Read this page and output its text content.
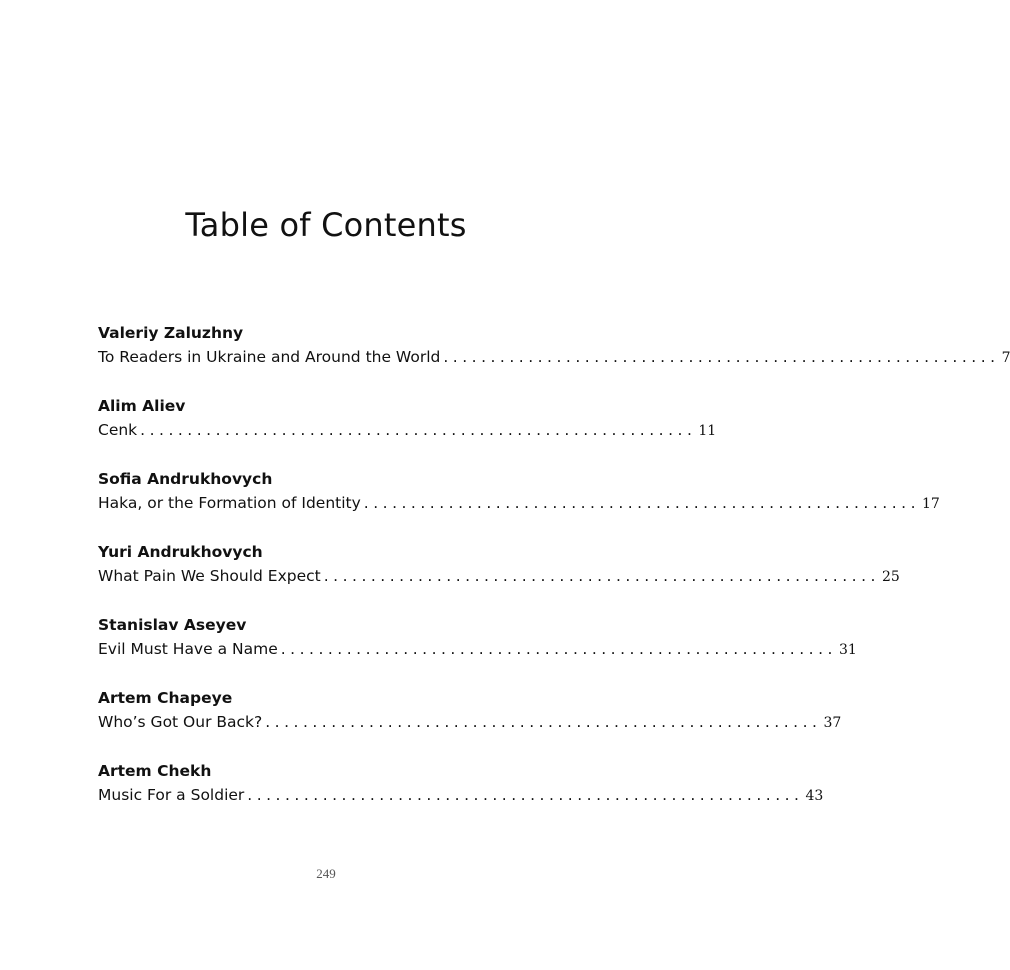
Table of Contents
Valeriy Zaluzhny
To Readers in Ukraine and Around the World ........................................................... 7
Alim Aliev
Cenk ........................................................... 11
Sofia Andrukhovych
Haka, or the Formation of Identity ........................................................... 17
Yuri Andrukhovych
What Pain We Should Expect ........................................................... 25
Stanislav Aseyev
Evil Must Have a Name ........................................................... 31
Artem Chapeye
Who’s Got Our Back? ........................................................... 37
Artem Chekh
Music For a Soldier ........................................................... 43
249
